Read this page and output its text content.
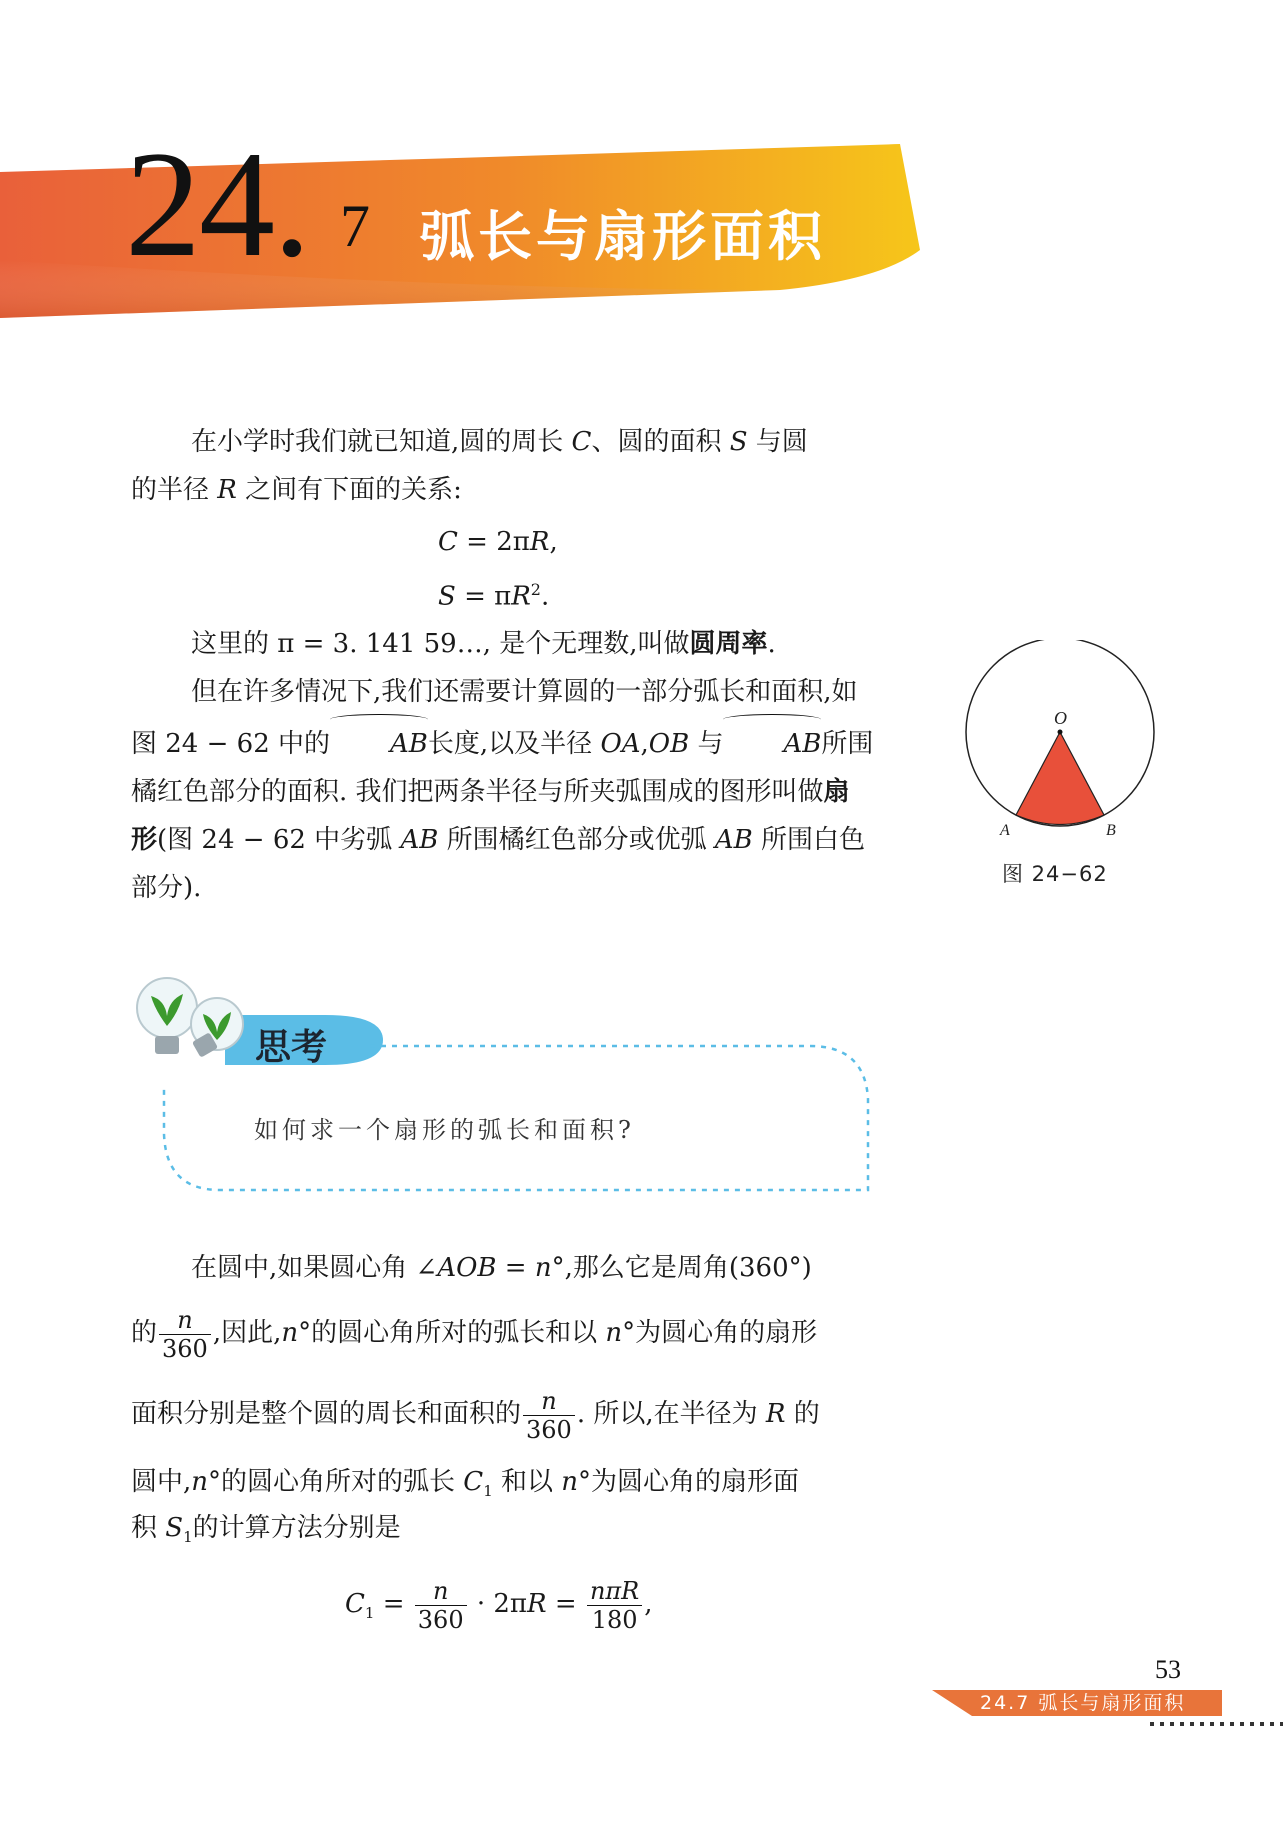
24. 7 弧长与扇形面积
在小学时我们就已知道,圆的周长 C、圆的面积 S 与圆
的半径 R 之间有下面的关系:
C = 2πR,
$S = \pi R^2$.
这里的 π = 3. 141 59…, 是个无理数,叫做圆周率.
但在许多情况下,我们还需要计算圆的一部分弧长和面积,如图 24 − 62 中的 AB长度,以及半径 OA,OB 与 AB所围橘红色部分的面积. 我们把两条半径与所夹弧围成的图形叫做扇形(图 24 − 62 中劣弧 AB 所围橘红色部分或优弧 AB 所围白色部分).
O
A	B
图 24−62
思考
如何求一个扇形的弧长和面积?
在圆中,如果圆心角 ∠AOB = n°,那么它是周角(360°)
的 $\frac{n}{360}$ ,因此,n°的圆心角所对的弧长和以 n°为圆心角的扇形
面积分别是整个圆的周长和面积的 $\frac{n}{360}$ . 所以,在半径为 R 的
圆中,n°的圆心角所对的弧长 $C_1$ 和以 n°为圆心角的扇形面
积 $S_1$的计算方法分别是
$C_1 = \frac{n}{360} \cdot 2\pi R = \frac{\text{nπR}}{180}$ ,
53
24.7 弧长与扇形面积
